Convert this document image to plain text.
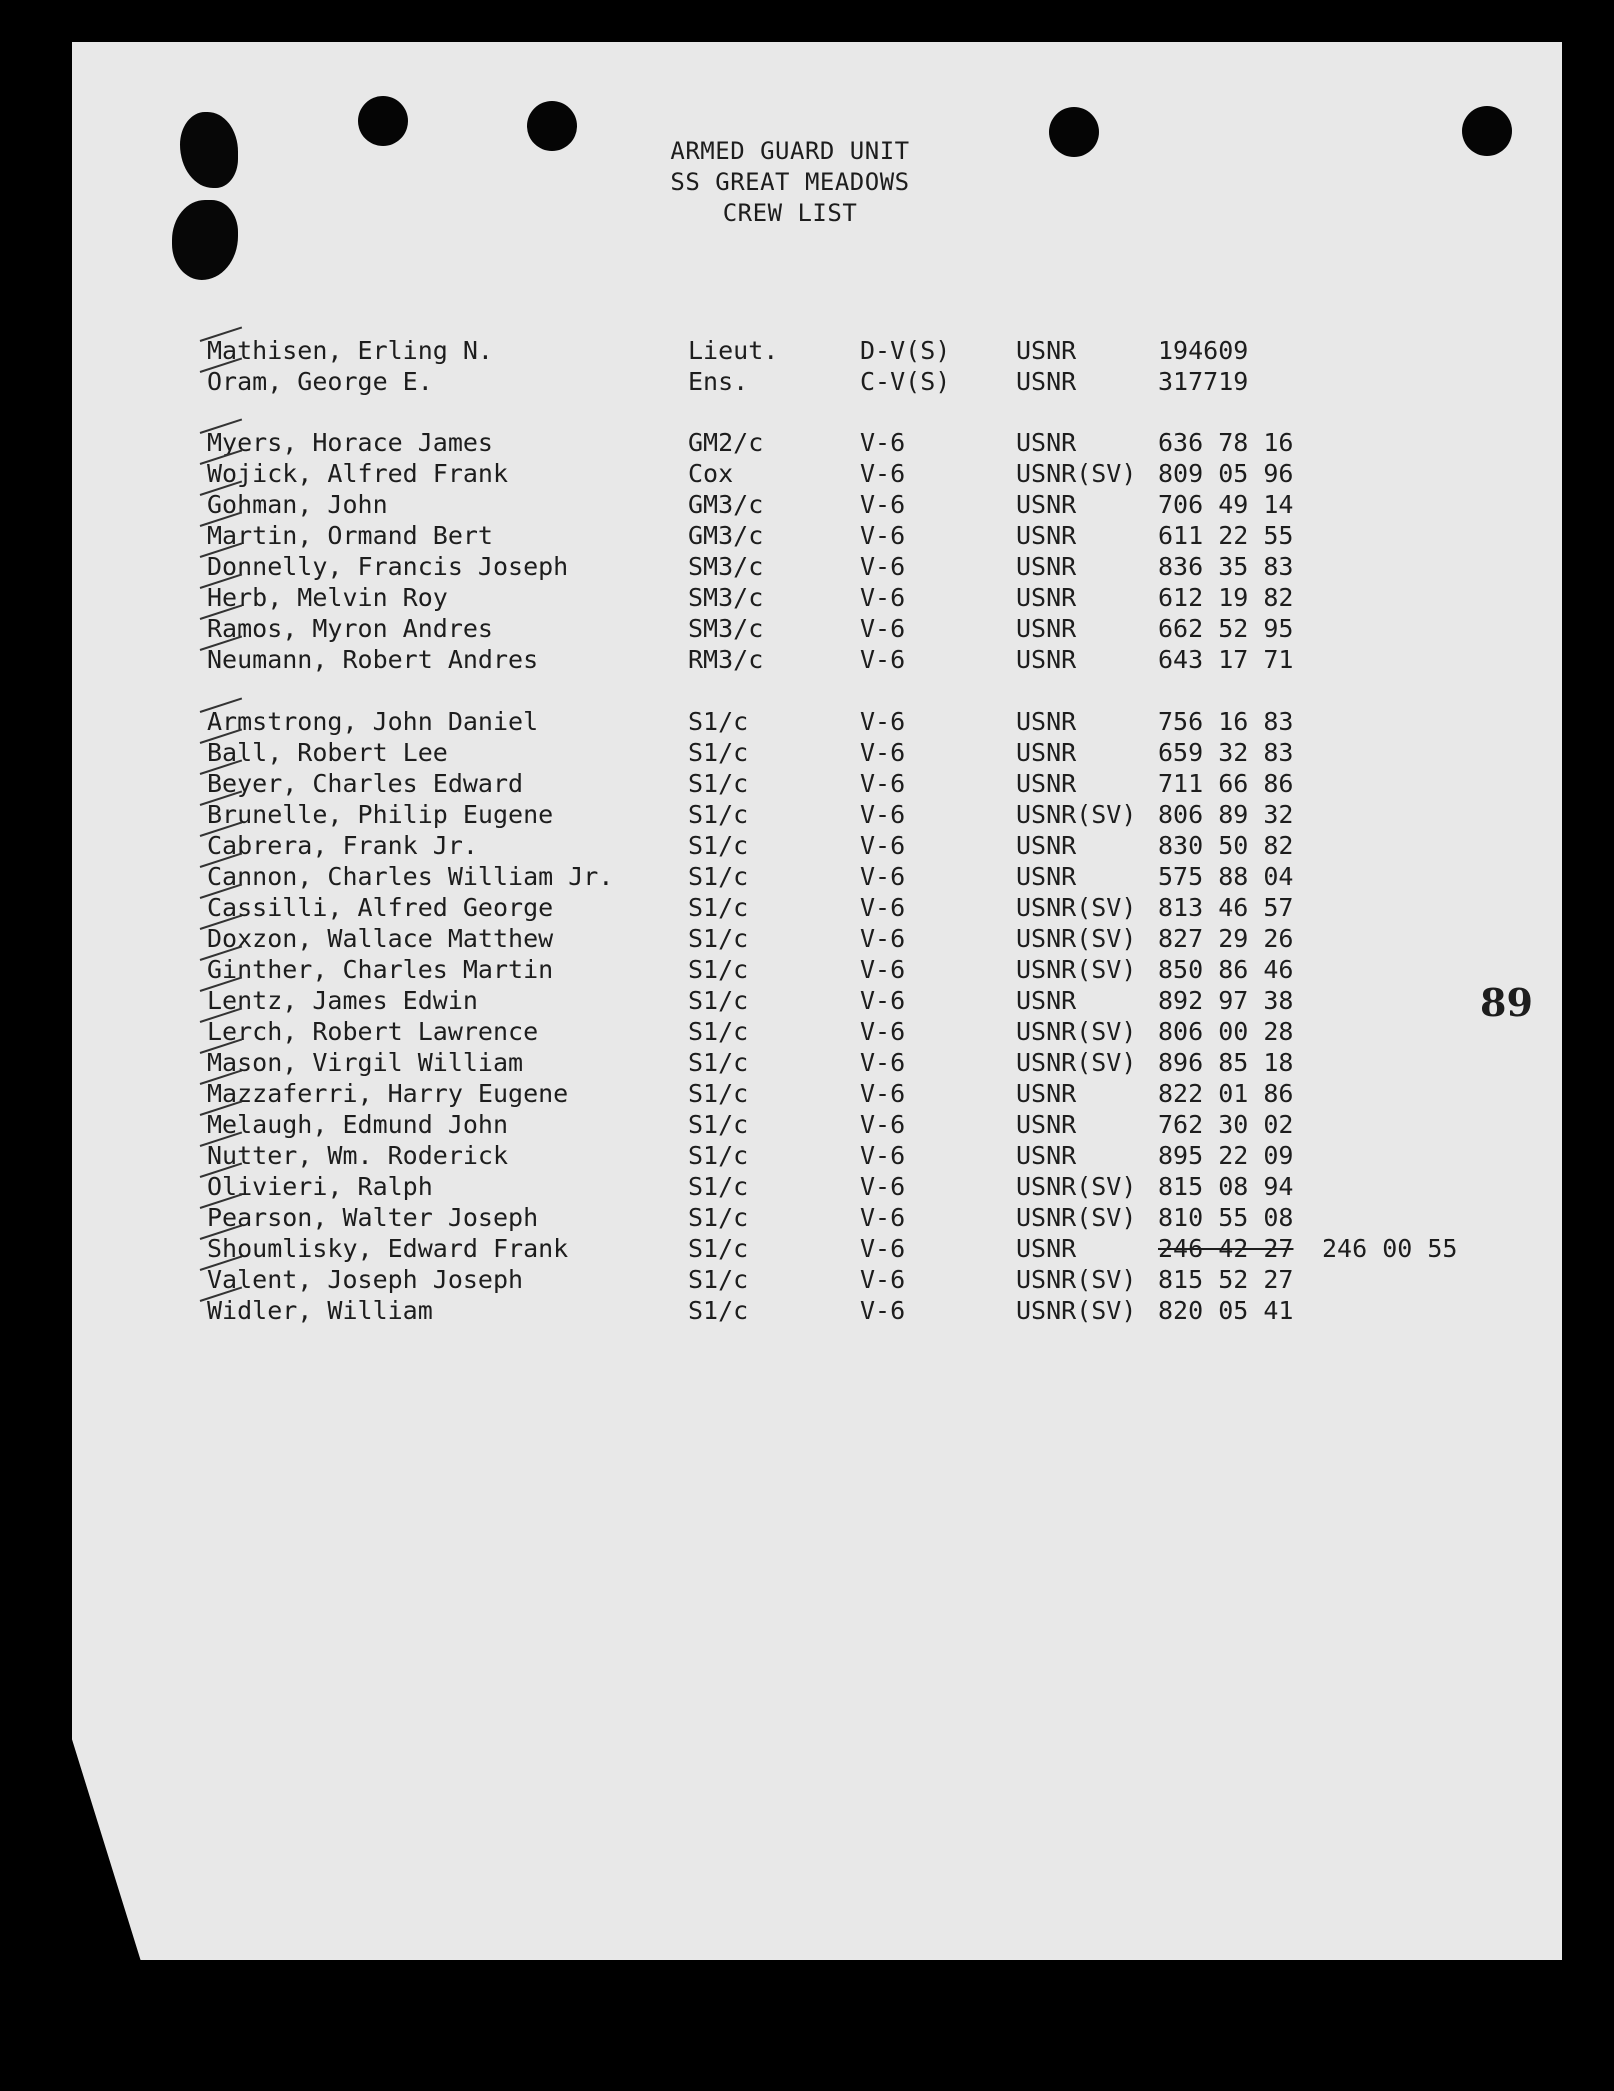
ARMED GUARD UNIT
SS GREAT MEADOWS
CREW LIST
Mathisen, Erling N.	Lieut.	D-V(S)	USNR	194609
Oram, George E.	Ens.	C-V(S)	USNR	317719
Myers, Horace James	GM2/c	V-6	USNR	636 78 16
Wojick, Alfred Frank	Cox	V-6	USNR(SV) 809 05 96
Gohman, John	GM3/c	V-6	USNR	706 49 14
Martin, Ormand Bert	GM3/c	V-6	USNR	611 22 55
Donnelly, Francis Joseph	SM3/c	V-6	USNR	836 35 83
Herb, Melvin Roy	SM3/c	V-6	USNR	612 19 82
Ramos, Myron Andres	SM3/c	V-6	USNR	662 52 95
Neumann, Robert Andres	RM3/c	V-6	USNR	643 17 71
Armstrong, John Daniel	S1/c	V-6	USNR	756 16 83
Ball, Robert Lee	S1/c	V-6	USNR	659 32 83
Beyer, Charles Edward	S1/c	V-6	USNR	711 66 86
Brunelle, Philip Eugene	S1/c	V-6	USNR(SV) 806 89 32
Cabrera, Frank Jr.	S1/c	V-6	USNR	830 50 82
Cannon, Charles William Jr.	S1/c	V-6	USNR	575 88 04
Cassilli, Alfred George	S1/c	V-6	USNR(SV) 813 46 57
Doxzon, Wallace Matthew	S1/c	V-6	USNR(SV) 827 29 26
Ginther, Charles Martin	S1/c	V-6	USNR(SV) 850 86 46
Lentz, James Edwin	S1/c	V-6	USNR	892 97 38
Lerch, Robert Lawrence	S1/c	V-6	USNR(SV) 806 00 28
Mason, Virgil William	S1/c	V-6	USNR(SV) 896 85 18
Mazzaferri, Harry Eugene	S1/c	V-6	USNR	822 01 86
Melaugh, Edmund John	S1/c	V-6	USNR	762 30 02
Nutter, Wm. Roderick	S1/c	V-6	USNR	895 22 09
Olivieri, Ralph	S1/c	V-6	USNR(SV) 815 08 94
Pearson, Walter Joseph	S1/c	V-6	USNR(SV) 810 55 08
Shoumlisky, Edward Frank	S1/c	V-6	USNR	246 42 27 246 00 55
Valent, Joseph Joseph	S1/c	V-6	USNR(SV) 815 52 27
Widler, William	S1/c	V-6	USNR(SV) 820 05 41
89
